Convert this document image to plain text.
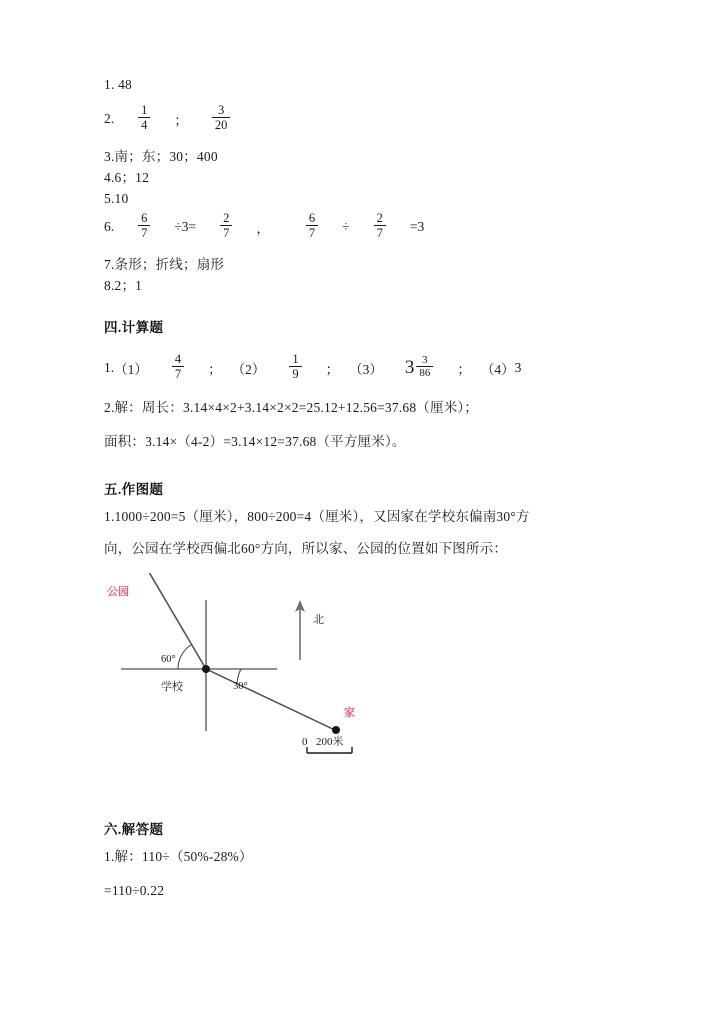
1. 48
2. $\frac{1}{4}$ ； $\frac{3}{20}$
3.南；东；30；400
4.6；12
5.10
6. $\frac{6}{7} \div 3= \frac{2}{7}$ ，	$\frac{6}{7} \div \frac{2}{7} =3$
7.条形；折线；扇形
8.2；1
四.计算题
1. $(1) \frac{4}{7}$ ； $(2) \frac{1}{9}$ ； （3） $3 \frac{3}{86}$ ； （4） 3
2.解：周长：3.14×4×2+3.14×2×2=25.12+12.56=37.68（厘米）；
面积：3.14×（4-2）=3.14×12=37.68（平方厘米）。
五.作图题
1.1000÷200=5（厘米），800÷200=4（厘米），又因家在学校东偏南30°方
向，公园在学校西偏北60°方向，所以家、公园的位置如下图所示：
公园
学校
家
北
60°
30°
0 200米
六.解答题
1.解：110÷（50%-28%）
=110÷0.22
